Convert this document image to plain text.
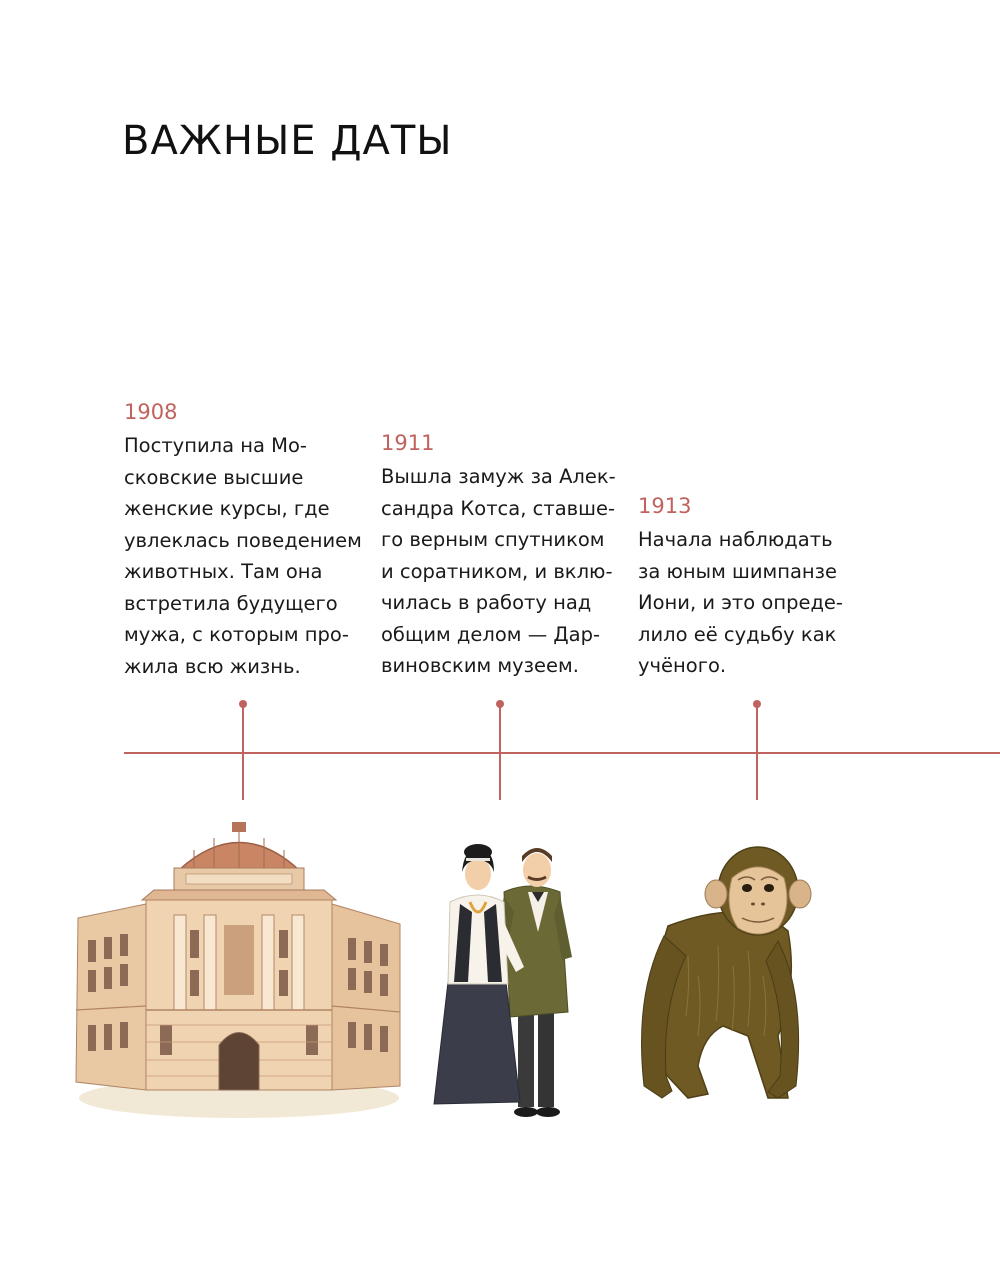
ВАЖНЫЕ ДАТЫ

1908

Поступила на Мо-
сковские высшие
женские курсы, где
увлеклась поведением
животных. Там она
встретила будущего
мужа, с которым про-
жила всю жизнь.

1911

Вышла замуж за Алек-
сандра Котса, ставше-
го верным спутником
и соратником, и вклю-
чилась в работу над
общим делом — Дар-
виновским музеем.

1913

Начала наблюдать
за юным шимпанзе
Иони, и это опреде-
лило её судьбу как
учёного.
